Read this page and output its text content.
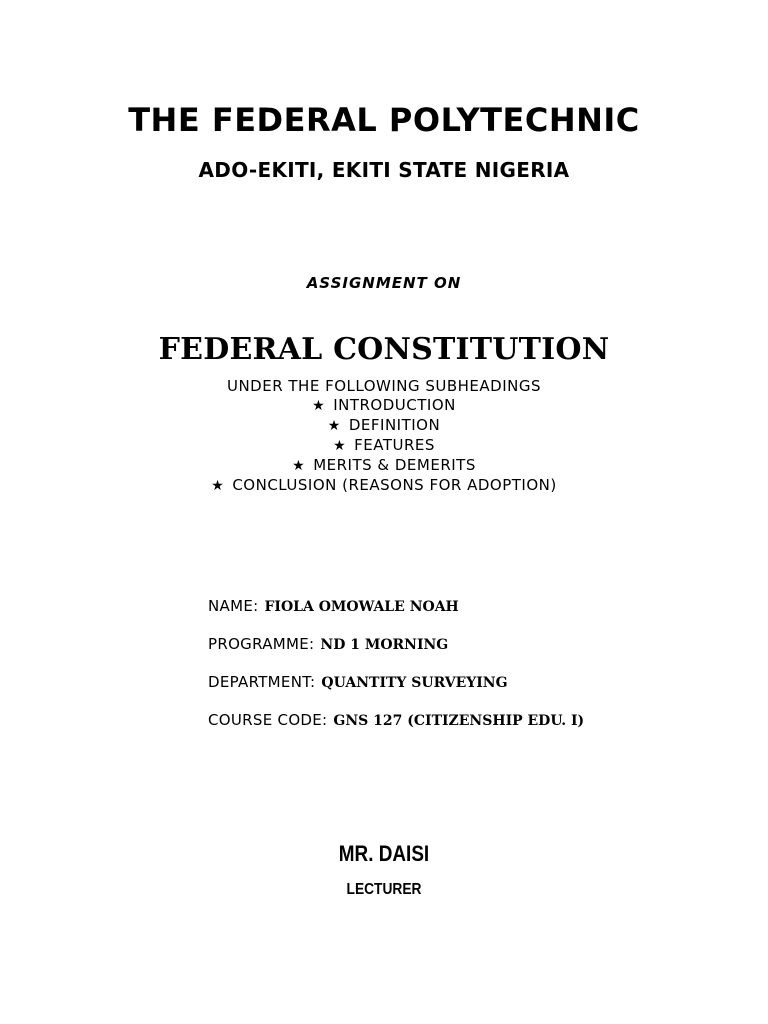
THE FEDERAL POLYTECHNIC
ADO-EKITI, EKITI STATE NIGERIA
ASSIGNMENT ON
FEDERAL CONSTITUTION
UNDER THE FOLLOWING SUBHEADINGS
★ INTRODUCTION
★ DEFINITION
★ FEATURES
★ MERITS & DEMERITS
★ CONCLUSION (REASONS FOR ADOPTION)
NAME: FIOLA OMOWALE NOAH
PROGRAMME: ND 1 MORNING
DEPARTMENT: QUANTITY SURVEYING
COURSE CODE: GNS 127 (CITIZENSHIP EDU. I)
MR. DAISI
LECTURER
